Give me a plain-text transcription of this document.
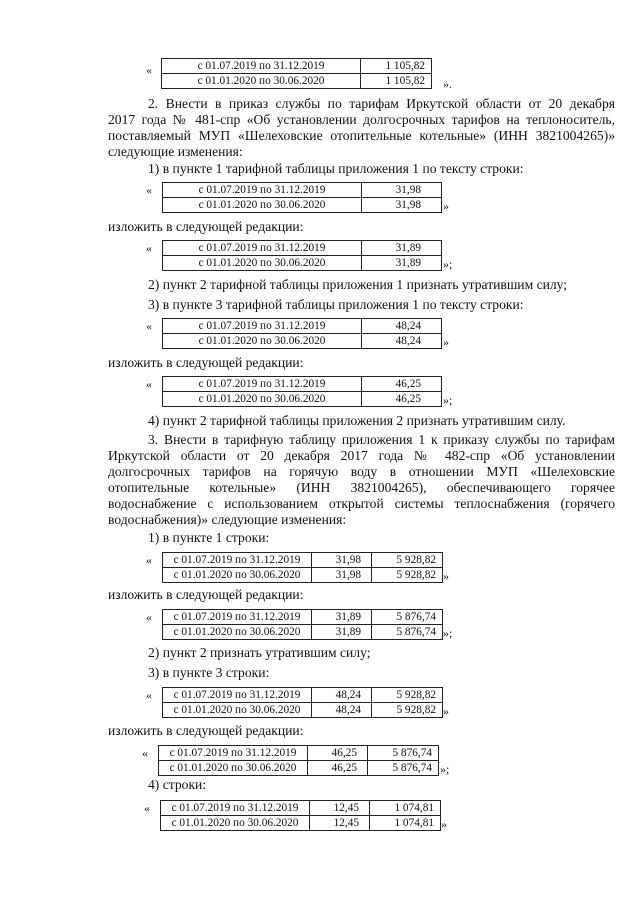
«	с 01.07.2019 по 31.12.2019	1 105,82
с 01.01.2020 по 30.06.2020	1 105,82 ».
2. Внести в приказ службы по тарифам Иркутской области от 20 декабря
2017 года № 481-спр «Об установлении долгосрочных тарифов на теплоноситель,
поставляемый МУП «Шелеховские отопительные котельные» (ИНН 3821004265)»
следующие изменения:
1) в пункте 1 тарифной таблицы приложения 1 по тексту строки:
«	с 01.07.2019 по 31.12.2019	31,98
с 01.01.2020 по 30.06.2020	31,98 »
изложить в следующей редакции:
«	с 01.07.2019 по 31.12.2019	31,89
с 01.01.2020 по 30.06.2020	31,89 »;
2) пункт 2 тарифной таблицы приложения 1 признать утратившим силу;
3) в пункте 3 тарифной таблицы приложения 1 по тексту строки:
«	с 01.07.2019 по 31.12.2019	48,24
с 01.01.2020 по 30.06.2020	48,24 »
изложить в следующей редакции:
«	с 01.07.2019 по 31.12.2019	46,25
с 01.01.2020 по 30.06.2020	46,25 »;
4) пункт 2 тарифной таблицы приложения 2 признать утратившим силу.
3. Внести в тарифную таблицу приложения 1 к приказу службы по тарифам
Иркутской области от 20 декабря 2017 года № 482-спр «Об установлении
долгосрочных тарифов на горячую воду в отношении МУП «Шелеховские
отопительные котельные» (ИНН 3821004265), обеспечивающего горячее
водоснабжение с использованием открытой системы теплоснабжения (горячего
водоснабжения)» следующие изменения:
1) в пункте 1 строки:
« с 01.07.2019 по 31.12.2019	31,98	5 928,82
с 01.01.2020 по 30.06.2020	31,98	5 928,82 »
изложить в следующей редакции:
« с 01.07.2019 по 31.12.2019	31,89	5 876,74
с 01.01.2020 по 30.06.2020	31,89	5 876,74 »;
2) пункт 2 признать утратившим силу;
3) в пункте 3 строки:
« с 01.07.2019 по 31.12.2019	48,24	5 928,82
с 01.01.2020 по 30.06.2020	48,24	5 928,82 »
изложить в следующей редакции:
« с 01.07.2019 по 31.12.2019	46,25	5 876,74
с 01.01.2020 по 30.06.2020	46,25	5 876,74 »;
4) строки:
« с 01.07.2019 по 31.12.2019	12,45	1 074,81
с 01.01.2020 по 30.06.2020	12,45	1 074,81 »
